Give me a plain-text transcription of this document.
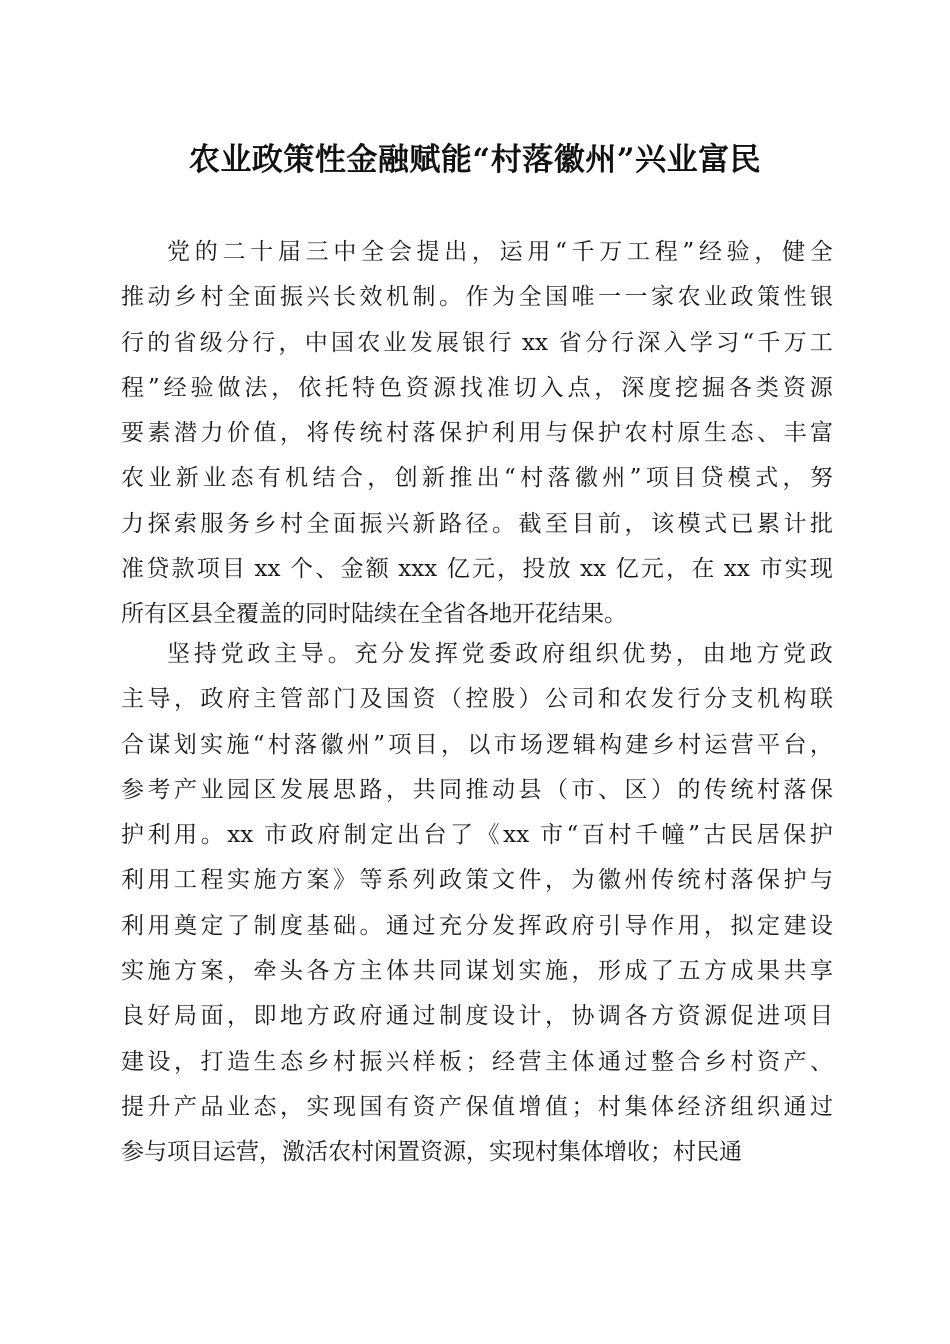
农业政策性金融赋能“村落徽州”兴业富民
　　党 的 二 十 届 三 中 全 会 提 出 ， 运 用 “ 千 万 工 程 ” 经 验 ， 健 全
推 动 乡 村 全 面 振 兴 长 效 机 制 。 作 为 全 国 唯 一 一 家 农 业 政 策 性 银
行 的 省 级 分 行 ， 中 国 农 业 发 展 银 行 xx 省 分 行 深 入 学 习 “ 千 万 工
程 ” 经 验 做 法 ， 依 托 特 色 资 源 找 准 切 入 点 ， 深 度 挖 掘 各 类 资 源
要 素 潜 力 价 值 ， 将 传 统 村 落 保 护 利 用 与 保 护 农 村 原 生 态 、 丰 富
农 业 新 业 态 有 机 结 合 ， 创 新 推 出 “ 村 落 徽 州 ” 项 目 贷 模 式 ， 努
力 探 索 服 务 乡 村 全 面 振 兴 新 路 径 。 截 至 目 前 ， 该 模 式 已 累 计 批
准 贷 款 项 目 xx 个 、 金 额 xxx 亿 元 ， 投 放 xx 亿 元 ， 在 xx 市 实 现
所有区县全覆盖的同时陆续在全省各地开花结果。
　　坚 持 党 政 主 导 。 充 分 发 挥 党 委 政 府 组 织 优 势 ， 由 地 方 党 政
主 导 ， 政 府 主 管 部 门 及 国 资 （ 控 股 ） 公 司 和 农 发 行 分 支 机 构 联
合 谋 划 实 施 “ 村 落 徽 州 ” 项 目 ， 以 市 场 逻 辑 构 建 乡 村 运 营 平 台 ，
参 考 产 业 园 区 发 展 思 路 ， 共 同 推 动 县 （ 市 、 区 ） 的 传 统 村 落 保
护 利 用 。 xx 市 政 府 制 定 出 台 了 《 xx 市 “ 百 村 千 幢 ” 古 民 居 保 护
利 用 工 程 实 施 方 案 》 等 系 列 政 策 文 件 ， 为 徽 州 传 统 村 落 保 护 与
利 用 奠 定 了 制 度 基 础 。 通 过 充 分 发 挥 政 府 引 导 作 用 ， 拟 定 建 设
实 施 方 案 ， 牵 头 各 方 主 体 共 同 谋 划 实 施 ， 形 成 了 五 方 成 果 共 享
良 好 局 面 ， 即 地 方 政 府 通 过 制 度 设 计 ， 协 调 各 方 资 源 促 进 项 目
建 设 ， 打 造 生 态 乡 村 振 兴 样 板 ； 经 营 主 体 通 过 整 合 乡 村 资 产 、
提 升 产 品 业 态 ， 实 现 国 有 资 产 保 值 增 值 ； 村 集 体 经 济 组 织 通 过
参与项目运营，激活农村闲置资源，实现村集体增收；村民通
